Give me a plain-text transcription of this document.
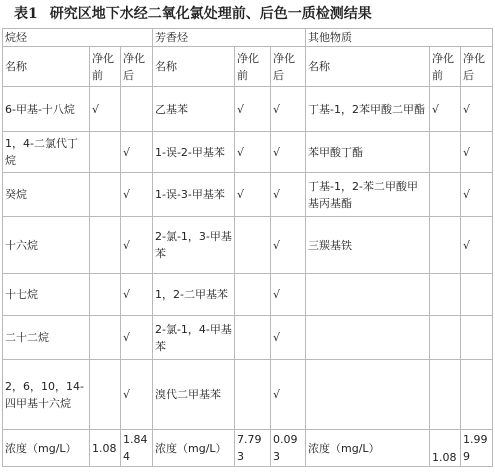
表1 研究区地下水经二氧化氯处理前、后色一质检测结果
烷烃			芳香烃			其他物质		
名称	净化前	净化后	名称	净化前	净化后	名称	净化前	净化后
6-甲基-十八烷	√		乙基苯	√	√	丁基-1，2苯甲酸二甲酯	√	√
1，4-二氯代丁烷		√	1-误-2-甲基苯	√	√	苯甲酸丁酯		√
癸烷		√	1-误-3-甲基苯	√	√	丁基-1，2-苯二甲酸甲基丙基酯		√
十六烷		√	2-氯-1，3-甲基苯		√	三羰基铁		√
十七烷		√	1，2-二甲基苯		√			
二十二烷		√	2-氯-1，4-甲基苯		√			
2，6，10，14-四甲基十六烷		√	溴代二甲基苯		√			
浓度（mg/L）	1.08	1.844	浓度（mg/L）	7.793	0.093	浓度（mg/L）	1.08	1.999
